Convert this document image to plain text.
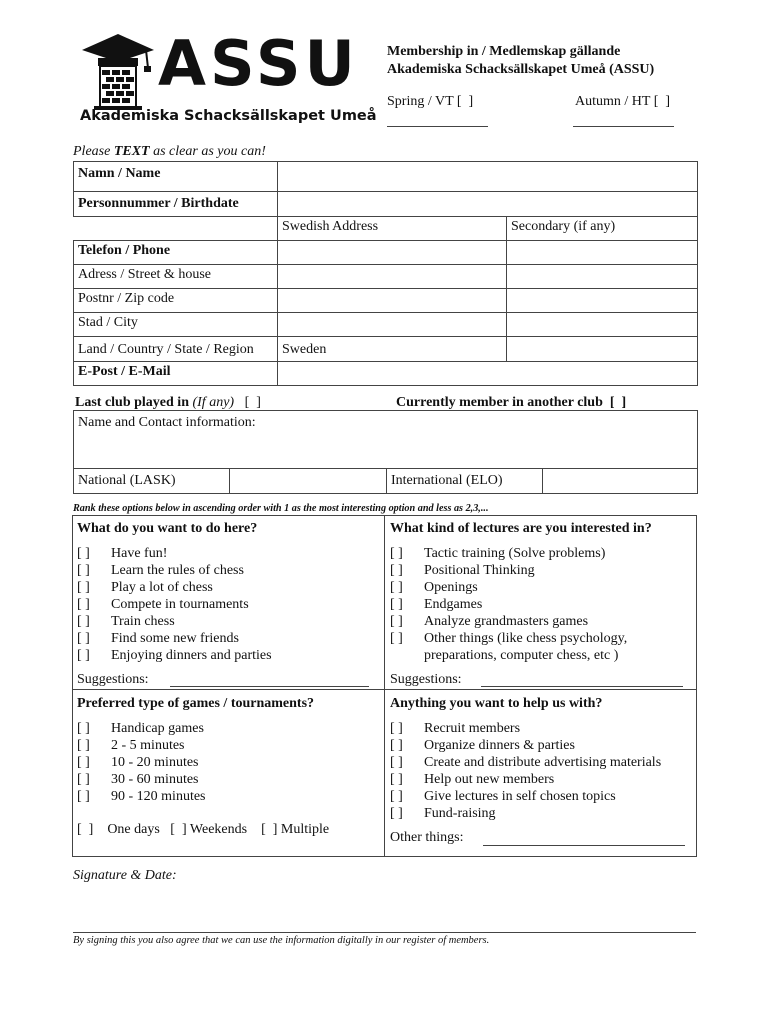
ASSU
Akademiska Schacksällskapet Umeå
Membership in / Medlemskap gällande
Akademiska Schacksällskapet Umeå (ASSU)
Spring / VT [  ]	Autumn / HT [  ]
Please TEXT as clear as you can!
Namn / Name
Personnummer / Birthdate
Swedish Address	Secondary (if any)
Telefon / Phone
Adress / Street & house
Postnr / Zip code
Stad / City
Land / Country / State / Region	Sweden
E-Post / E-Mail
Last club played in (If any) [  ]	Currently member in another club  [  ]
Name and Contact information:
National (LASK)	International (ELO)
Rank these options below in ascending order with 1 as the most interesting option and less as 2,3,...
What do you want to do here?
[ ] Have fun!
[ ] Learn the rules of chess
[ ] Play a lot of chess
[ ] Compete in tournaments
[ ] Train chess
[ ] Find some new friends
[ ] Enjoying dinners and parties
Suggestions:
What kind of lectures are you interested in?
[ ] Tactic training (Solve problems)
[ ] Positional Thinking
[ ] Openings
[ ] Endgames
[ ] Analyze grandmasters games
[ ] Other things (like chess psychology,
preparations, computer chess, etc )
Suggestions:
Preferred type of games / tournaments?
[ ] Handicap games
[ ] 2 - 5 minutes
[ ] 10 - 20 minutes
[ ] 30 - 60 minutes
[ ] 90 - 120 minutes
[  ]    One days   [  ] Weekends    [  ] Multiple
Anything you want to help us with?
[ ] Recruit members
[ ] Organize dinners & parties
[ ] Create and distribute advertising materials
[ ] Help out new members
[ ] Give lectures in self chosen topics
[ ] Fund-raising
Other things:
Signature & Date:
By signing this you also agree that we can use the information digitally in our register of members.
